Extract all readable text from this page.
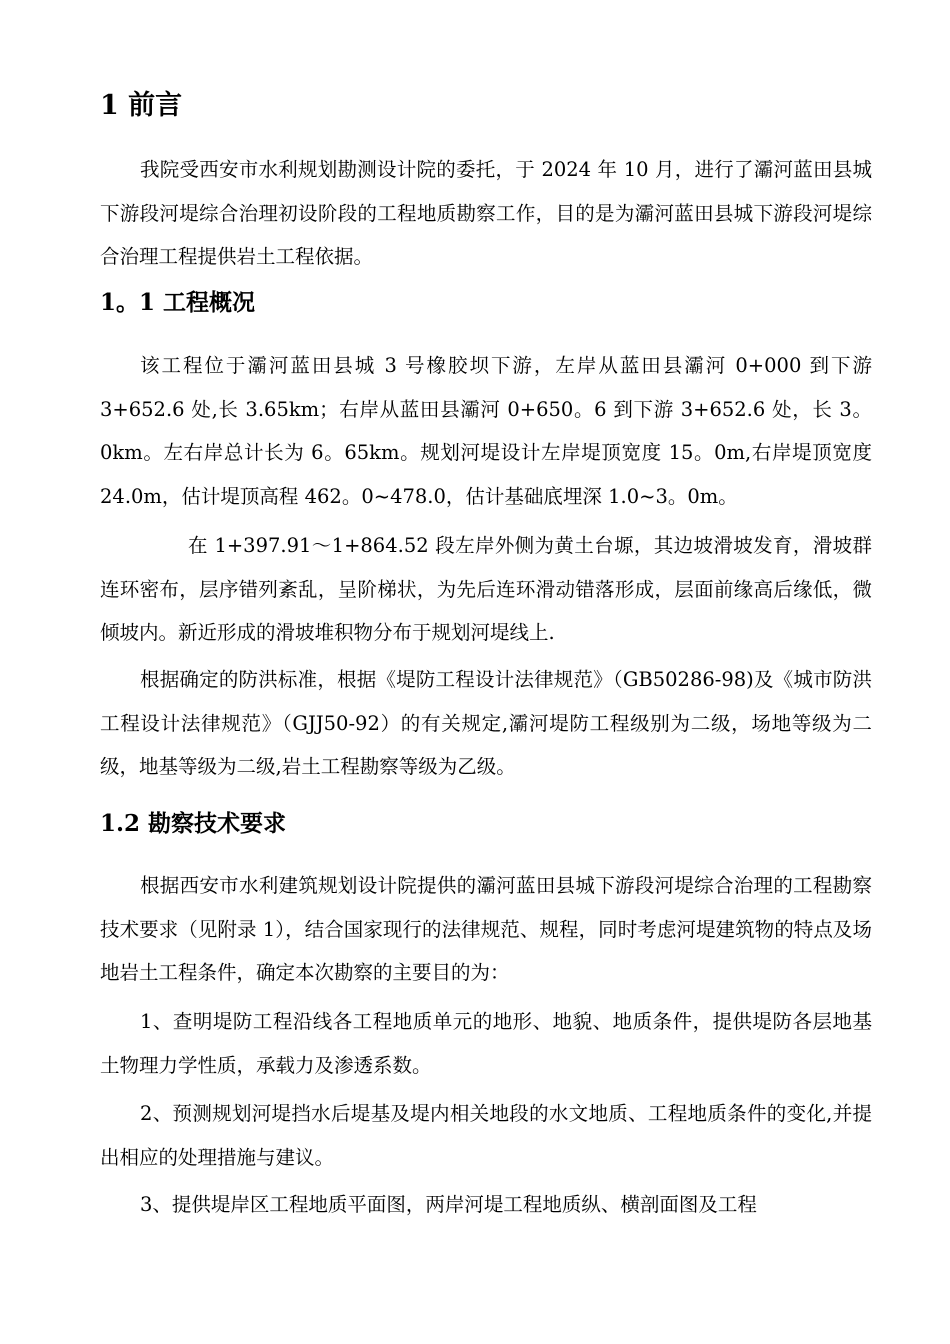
1 前言

我院受西安市水利规划勘测设计院的委托，于 2024 年 10 月，进行了灞河蓝田县城下游段河堤综合治理初设阶段的工程地质勘察工作，目的是为灞河蓝田县城下游段河堤综合治理工程提供岩土工程依据。

1。1 工程概况

该工程位于灞河蓝田县城 3 号橡胶坝下游，左岸从蓝田县灞河 0+000 到下游 3+652.6 处,长 3.65km；右岸从蓝田县灞河 0+650。6 到下游 3+652.6 处，长 3。0km。左右岸总计长为 6。65km。规划河堤设计左岸堤顶宽度 15。0m,右岸堤顶宽度 24.0m，估计堤顶高程 462。0~478.0，估计基础底埋深 1.0~3。0m。

在 1+397.91～1+864.52 段左岸外侧为黄土台塬，其边坡滑坡发育，滑坡群连环密布，层序错列紊乱，呈阶梯状，为先后连环滑动错落形成，层面前缘高后缘低，微倾坡内。新近形成的滑坡堆积物分布于规划河堤线上.

根据确定的防洪标准，根据《堤防工程设计法律规范》（GB50286-98)及《城市防洪工程设计法律规范》（GJJ50-92）的有关规定,灞河堤防工程级别为二级，场地等级为二级，地基等级为二级,岩土工程勘察等级为乙级。

1.2 勘察技术要求

根据西安市水利建筑规划设计院提供的灞河蓝田县城下游段河堤综合治理的工程勘察技术要求（见附录 1），结合国家现行的法律规范、规程，同时考虑河堤建筑物的特点及场地岩土工程条件，确定本次勘察的主要目的为：

1、查明堤防工程沿线各工程地质单元的地形、地貌、地质条件，提供堤防各层地基土物理力学性质，承载力及渗透系数。

2、预测规划河堤挡水后堤基及堤内相关地段的水文地质、工程地质条件的变化,并提出相应的处理措施与建议。

3、提供堤岸区工程地质平面图，两岸河堤工程地质纵、横剖面图及工程
